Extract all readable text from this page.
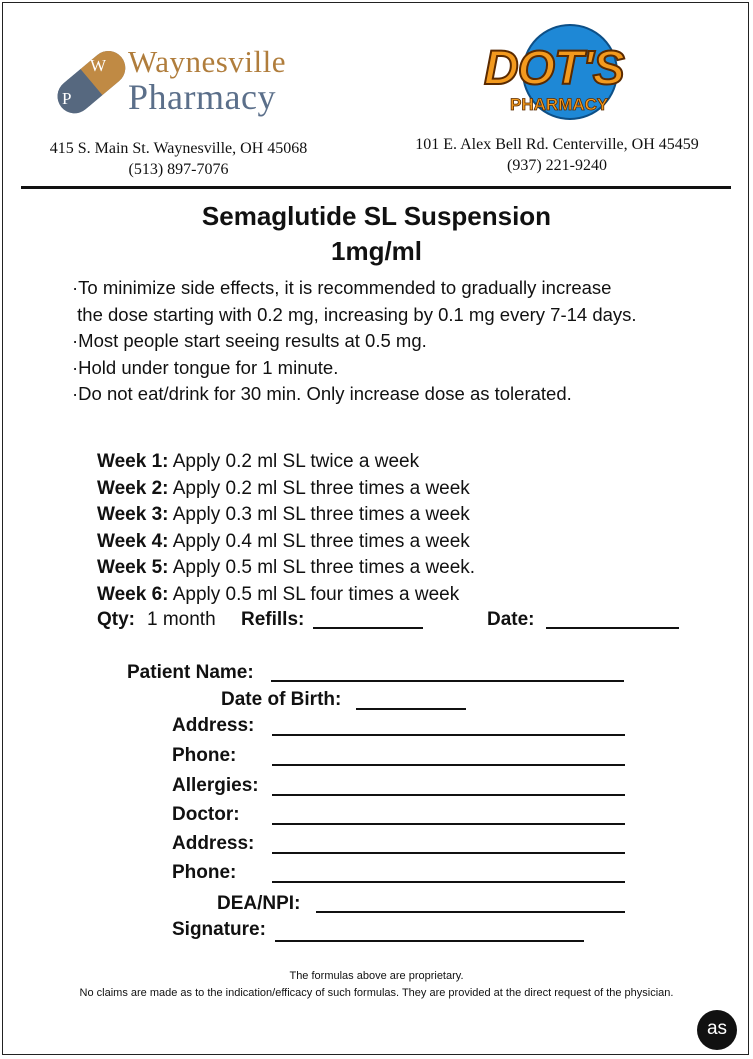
W
P
Waynesville
Pharmacy
415 S. Main St. Waynesville, OH 45068
(513) 897-7076
DOT'S
PHARMACY
101 E. Alex Bell Rd. Centerville, OH 45459
(937) 221-9240
Semaglutide SL Suspension
1mg/ml
·To minimize side effects, it is recommended to gradually increase
the dose starting with 0.2 mg, increasing by 0.1 mg every 7-14 days.
·Most people start seeing results at 0.5 mg.
·Hold under tongue for 1 minute.
·Do not eat/drink for 30 min. Only increase dose as tolerated.
Week 1: Apply 0.2 ml SL twice a week
Week 2: Apply 0.2 ml SL three times a week
Week 3: Apply 0.3 ml SL three times a week
Week 4: Apply 0.4 ml SL three times a week
Week 5: Apply 0.5 ml SL three times a week.
Week 6: Apply 0.5 ml SL four times a week
Qty: 1 month Refills:	Date:
Patient Name:
Date of Birth:
Address:
Phone:
Allergies:
Doctor:
Address:
Phone:
DEA/NPI:
Signature:
The formulas above are proprietary.
No claims are made as to the indication/efficacy of such formulas. They are provided at the direct request of the physician.
as
